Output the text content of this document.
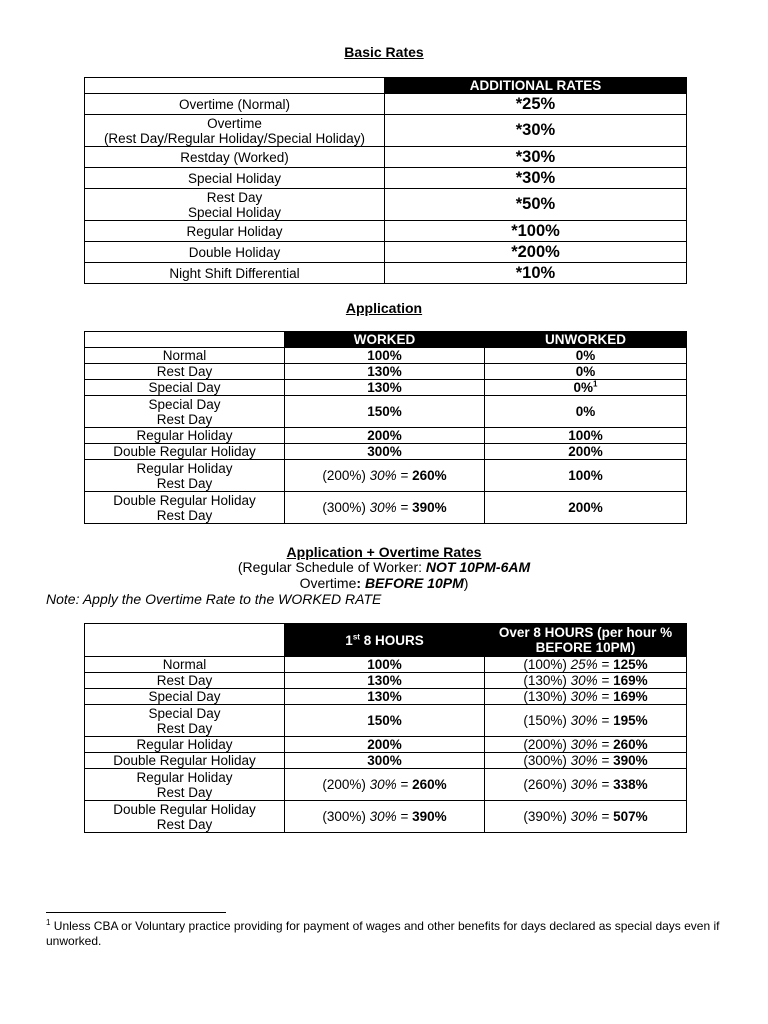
Basic Rates
	ADDITIONAL RATES

Overtime (Normal)	*25%

Overtime
(Rest Day/Regular Holiday/Special Holiday)	*30%

Restday (Worked)	*30%

Special Holiday	*30%

Rest Day
Special Holiday	*50%

Regular Holiday	*100%

Double Holiday	*200%

Night Shift Differential	*10%
Application
	WORKED	UNWORKED

Normal	100%	0%

Rest Day	130%	0%

Special Day	130%	0%$^1$

Special Day
Rest Day	150%	0%

Regular Holiday	200%	100%

Double Regular Holiday	300%	200%

Regular Holiday
Rest Day	(200%) 30% = 260%	100%

Double Regular Holiday
Rest Day	(300%) 30% = 390%	200%
Application + Overtime Rates
(Regular Schedule of Worker: NOT 10PM-6AM
Overtime: BEFORE 10PM)
Note: Apply the Overtime Rate to the WORKED RATE
	1st 8 HOURS	Over 8 HOURS (per hour %
BEFORE 10PM)

Normal	100%	(100%) 25% = 125%

Rest Day	130%	(130%) 30% = 169%

Special Day	130%	(130%) 30% = 169%

Special Day
Rest Day	150%	(150%) 30% = 195%

Regular Holiday	200%	(200%) 30% = 260%

Double Regular Holiday	300%	(300%) 30% = 390%

Regular Holiday
Rest Day	(200%) 30% = 260%	(260%) 30% = 338%

Double Regular Holiday
Rest Day	(300%) 30% = 390%	(390%) 30% = 507%
$^1$ Unless CBA or Voluntary practice providing for payment of wages and other benefits for days declared as special days even if unworked.
